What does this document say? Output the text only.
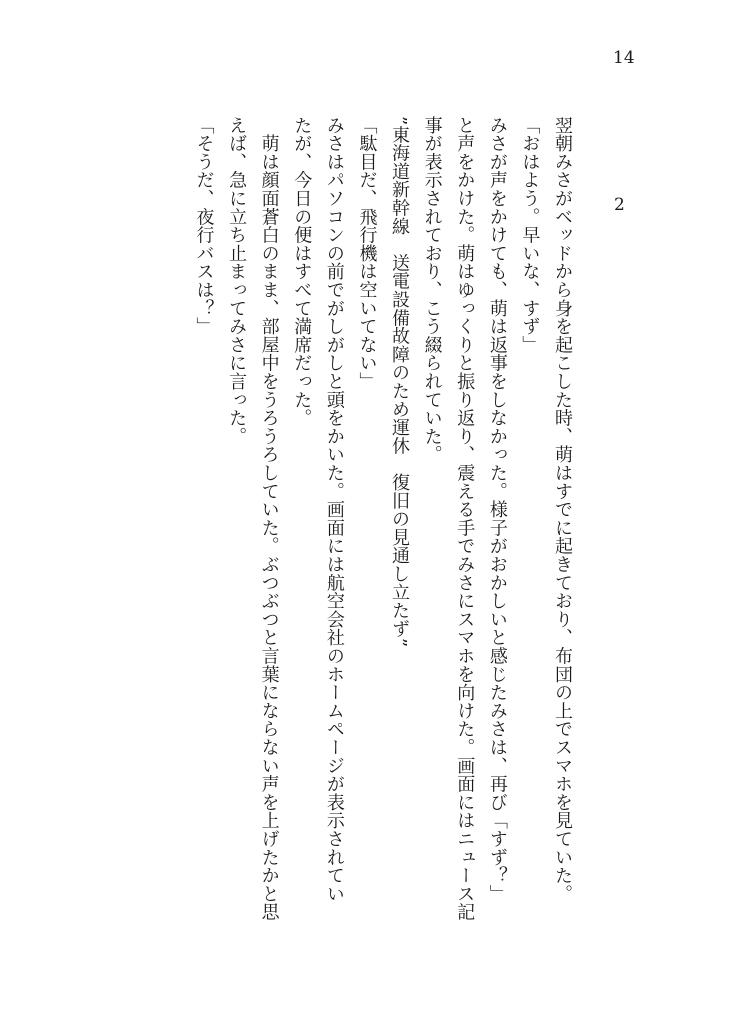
14
2

翌朝みさがベッドから身を起こした時、萌はすでに起きており、布団の上でスマホを見ていた。

「おはよう。早いな、すず」

みさが声をかけても、萌は返事をしなかった。様子がおかしいと感じたみさは、再び「すず？」

と声をかけた。萌はゆっくりと振り返り、震える手でみさにスマホを向けた。画面にはニュース記

事が表示されており、こう綴られていた。

”東海道新幹線　送電設備故障のため運休　復旧の見通し立たず”

「駄目だ、飛行機は空いてない」

みさはパソコンの前でがしがしと頭をかいた。画面には航空会社のホームページが表示されてい

たが、今日の便はすべて満席だった。

　萌は顔面蒼白のまま、部屋中をうろうろしていた。ぶつぶつと言葉にならない声を上げたかと思

えば、急に立ち止まってみさに言った。

「そうだ、夜行バスは？」
